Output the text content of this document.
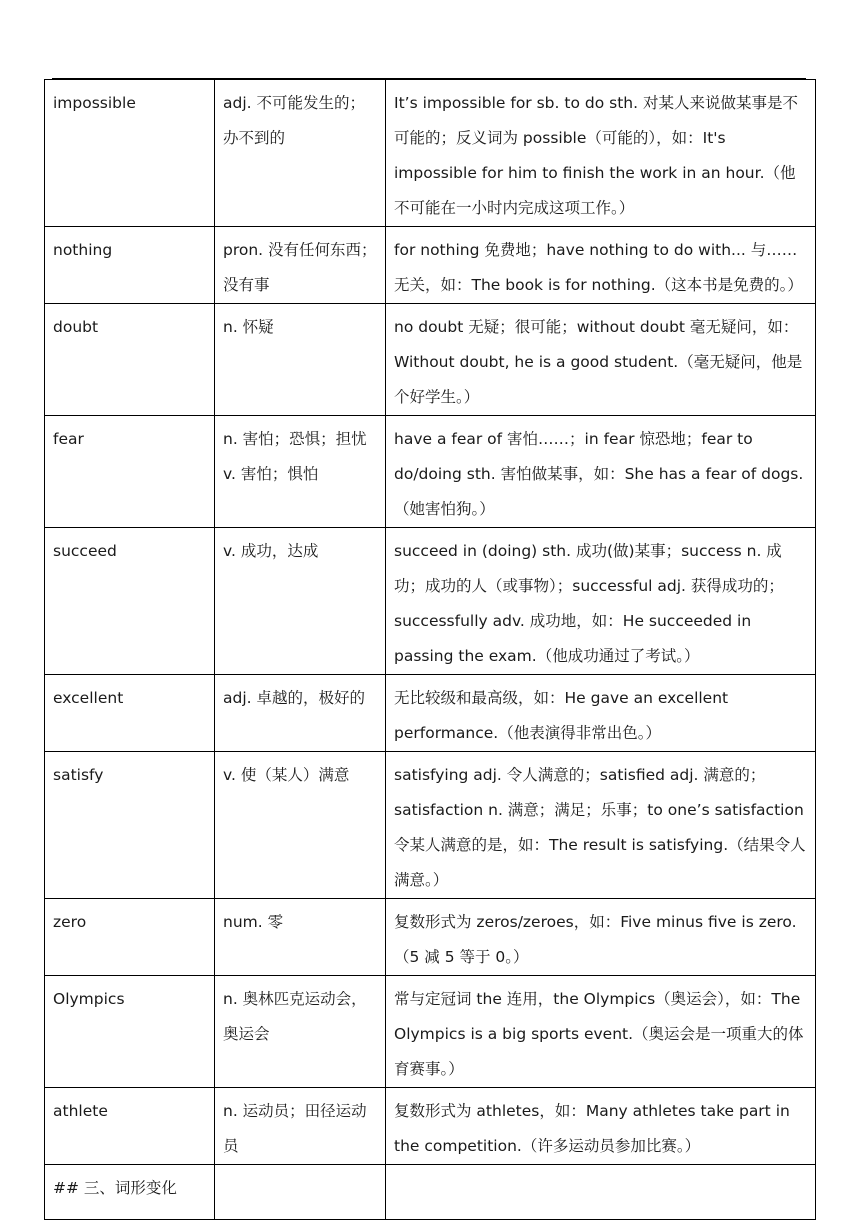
impossible	adj. 不可能发生的；办不到的	It’s impossible for sb. to do sth. 对某人来说做某事是不可能的；反义词为 possible（可能的），如：It's impossible for him to finish the work in an hour.（他不可能在一小时内完成这项工作。）

nothing	pron. 没有任何东西；没有事	for nothing 免费地；have nothing to do with... 与……无关，如：The book is for nothing.（这本书是免费的。）

doubt	n. 怀疑	no doubt 无疑；很可能；without doubt 毫无疑问，如：Without doubt, he is a good student.（毫无疑问，他是个好学生。）

fear	n. 害怕；恐惧；担忧 v. 害怕；惧怕	have a fear of 害怕……；in fear 惊恐地；fear to do/doing sth. 害怕做某事，如：She has a fear of dogs.（她害怕狗。）

succeed	v. 成功，达成	succeed in (doing) sth. 成功(做)某事；success n. 成功；成功的人（或事物）；successful adj. 获得成功的；successfully adv. 成功地，如：He succeeded in passing the exam.（他成功通过了考试。）

excellent	adj. 卓越的，极好的	无比较级和最高级，如：He gave an excellent performance.（他表演得非常出色。）

satisfy	v. 使（某人）满意	satisfying adj. 令人满意的；satisfied adj. 满意的；satisfaction n. 满意；满足；乐事；to one’s satisfaction 令某人满意的是，如：The result is satisfying.（结果令人满意。）

zero	num. 零	复数形式为 zeros/zeroes，如：Five minus five is zero.（5 减 5 等于 0。）

Olympics	n. 奥林匹克运动会，奥运会	常与定冠词 the 连用，the Olympics（奥运会），如：The Olympics is a big sports event.（奥运会是一项重大的体育赛事。）

athlete	n. 运动员；田径运动员	复数形式为 athletes，如：Many athletes take part in the competition.（许多运动员参加比赛。）

## 三、词形变化		
